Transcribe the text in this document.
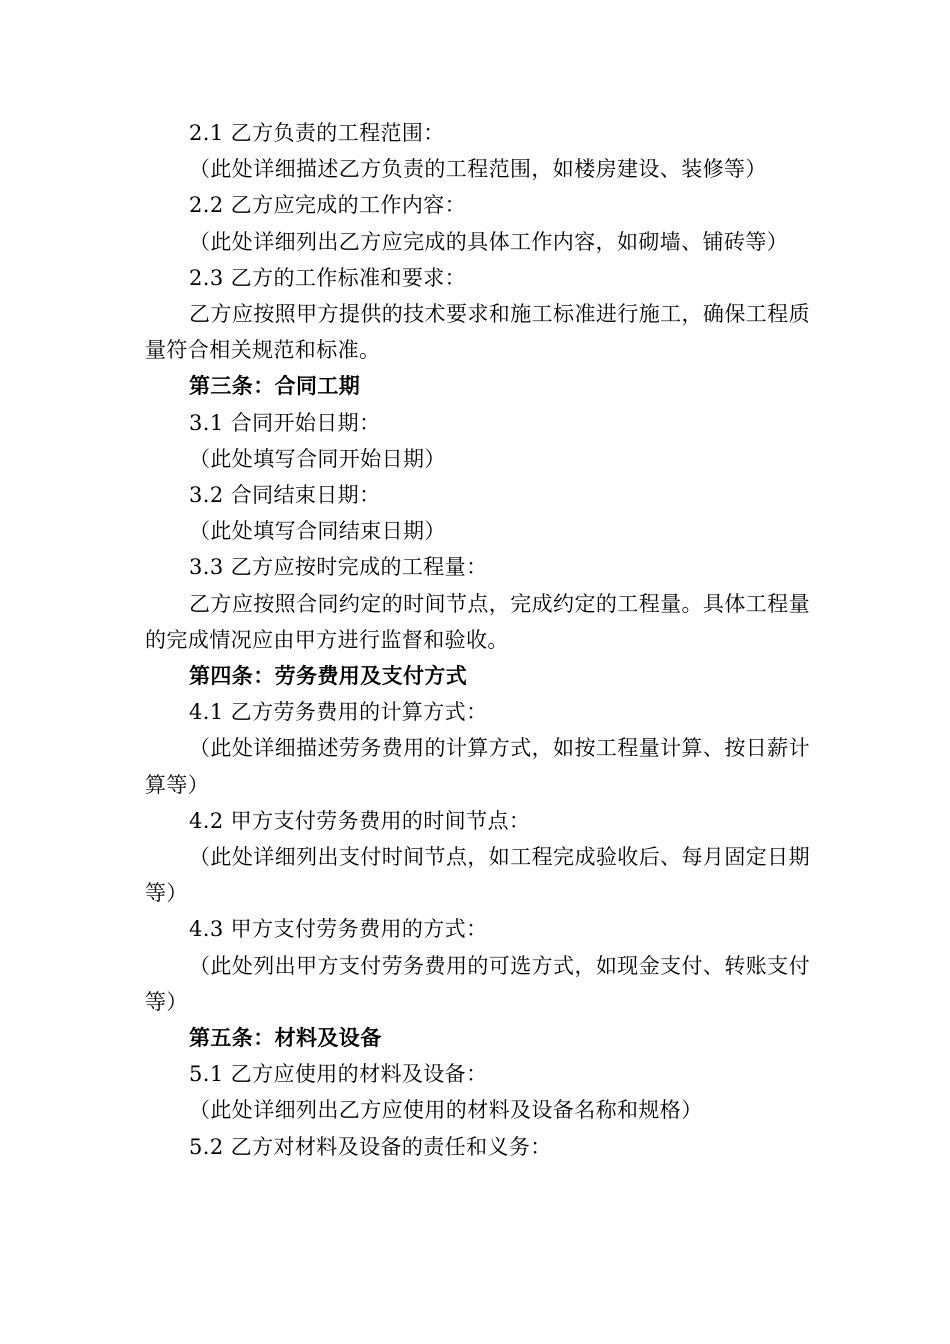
2.1 乙方负责的工程范围：

（此处详细描述乙方负责的工程范围，如楼房建设、装修等）

2.2 乙方应完成的工作内容：

（此处详细列出乙方应完成的具体工作内容，如砌墙、铺砖等）

2.3 乙方的工作标准和要求：

乙方应按照甲方提供的技术要求和施工标准进行施工，确保工程质量符合相关规范和标准。

第三条：合同工期

3.1 合同开始日期：

（此处填写合同开始日期）

3.2 合同结束日期：

（此处填写合同结束日期）

3.3 乙方应按时完成的工程量：

乙方应按照合同约定的时间节点，完成约定的工程量。具体工程量的完成情况应由甲方进行监督和验收。

第四条：劳务费用及支付方式

4.1 乙方劳务费用的计算方式：

（此处详细描述劳务费用的计算方式，如按工程量计算、按日薪计算等）

4.2 甲方支付劳务费用的时间节点：

（此处详细列出支付时间节点，如工程完成验收后、每月固定日期等）

4.3 甲方支付劳务费用的方式：

（此处列出甲方支付劳务费用的可选方式，如现金支付、转账支付等）

第五条：材料及设备

5.1 乙方应使用的材料及设备：

（此处详细列出乙方应使用的材料及设备名称和规格）

5.2 乙方对材料及设备的责任和义务：
